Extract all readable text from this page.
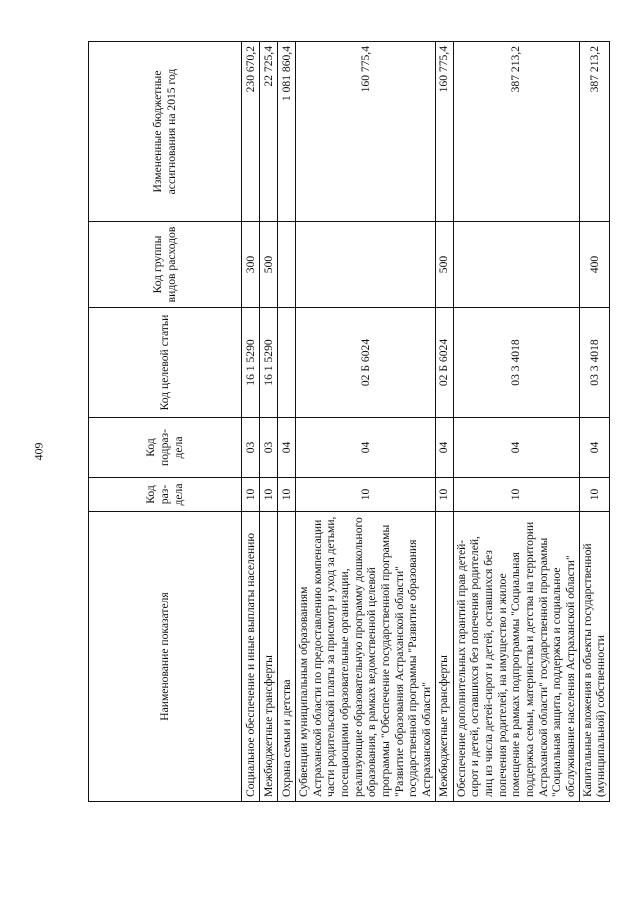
409
Наименование показателя	Код раз-дела	Код подраз-дела	Код целевой статьи	Код группы видов расходов	Измененные бюджетные ассигнования на 2015 год
Социальное обеспечение и иные выплаты населению	10	03	16 1 5290	300	230 670,2
Межбюджетные трансферты	10	03	16 1 5290	500	22 725,4
Охрана семьи и детства	10	04			1 081 860,4
Субвенции муниципальным образованиям Астраханской области по предоставлению компенсации части родительской платы за присмотр и уход за детьми, посещающими образовательные организации, реализующие образовательную программу дошкольного образования, в рамках ведомственной целевой программы "Обеспечение государственной программы "Развитие образования Астраханской области" государственной программы "Развитие образования Астраханской области"	10	04	02 Б 6024		160 775,4
Межбюджетные трансферты	10	04	02 Б 6024	500	160 775,4
Обеспечение дополнительных гарантий прав детей-сирот и детей, оставшихся без попечения родителей, лиц из числа детей-сирот и детей, оставшихся без попечения родителей, на имущество и жилое помещение в рамках подпрограммы "Социальная поддержка семьи, материнства и детства на территории Астраханской области" государственной программы "Социальная защита, поддержка и социальное обслуживание населения Астраханской области"	10	04	03 3 4018		387 213,2
Капитальные вложения в объекты государственной (муниципальной) собственности	10	04	03 3 4018	400	387 213,2
